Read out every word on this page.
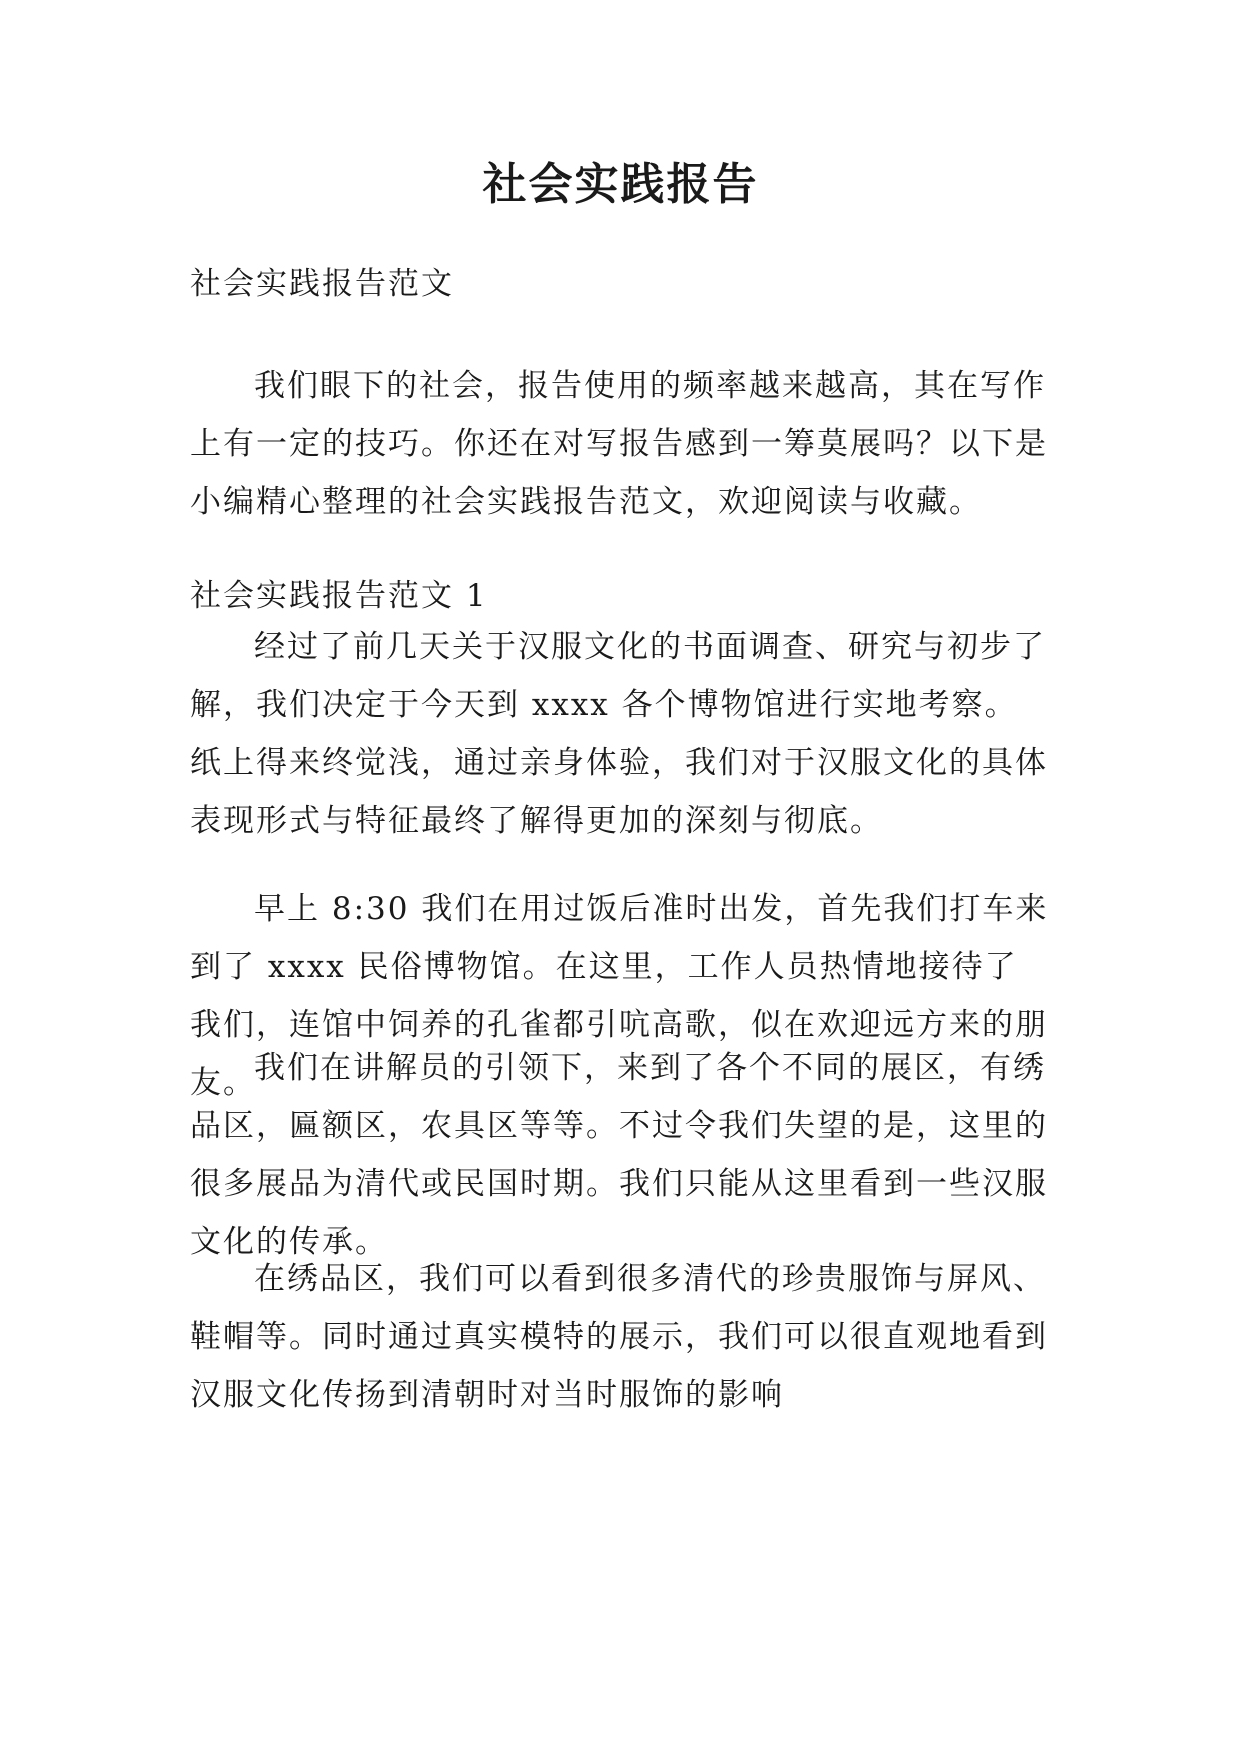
社会实践报告

社会实践报告范文

我们眼下的社会，报告使用的频率越来越高，其在写作上有一定的技巧。你还在对写报告感到一筹莫展吗？以下是小编精心整理的社会实践报告范文，欢迎阅读与收藏。

社会实践报告范文 1

经过了前几天关于汉服文化的书面调查、研究与初步了解，我们决定于今天到 xxxx 各个博物馆进行实地考察。纸上得来终觉浅，通过亲身体验，我们对于汉服文化的具体表现形式与特征最终了解得更加的深刻与彻底。

早上 8:30 我们在用过饭后准时出发，首先我们打车来到了 xxxx 民俗博物馆。在这里，工作人员热情地接待了我们，连馆中饲养的孔雀都引吭高歌，似在欢迎远方来的朋友。

我们在讲解员的引领下，来到了各个不同的展区，有绣品区，匾额区，农具区等等。不过令我们失望的是，这里的很多展品为清代或民国时期。我们只能从这里看到一些汉服文化的传承。

在绣品区，我们可以看到很多清代的珍贵服饰与屏风、鞋帽等。同时通过真实模特的展示，我们可以很直观地看到汉服文化传扬到清朝时对当时服饰的影响
